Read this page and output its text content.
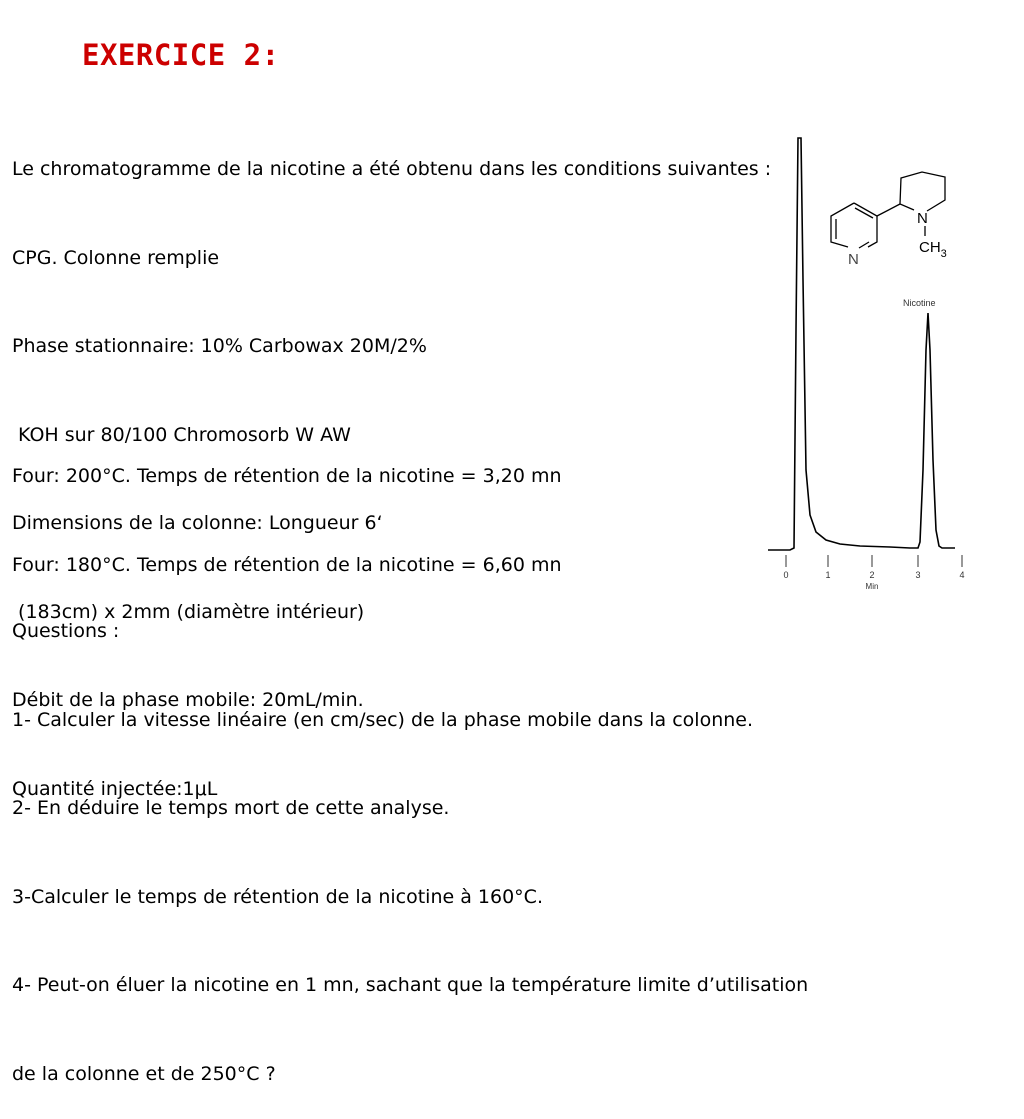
EXERCICE 2:

Le chromatogramme de la nicotine a été obtenu dans les conditions suivantes :

CPG. Colonne remplie

Phase stationnaire: 10% Carbowax 20M/2%

KOH sur 80/100 Chromosorb W AW

Dimensions de la colonne: Longueur 6‘

(183cm) x 2mm (diamètre intérieur)

Débit de la phase mobile: 20mL/min.

Quantité injectée:1μL

Four: 200°C. Temps de rétention de la nicotine = 3,20 mn

Four: 180°C. Temps de rétention de la nicotine = 6,60 mn

Nicotine
0	1	2	3	4
Min
N
N
$CH_3$

Questions :

1- Calculer la vitesse linéaire (en cm/sec) de la phase mobile dans la colonne.

2- En déduire le temps mort de cette analyse.

3-Calculer le temps de rétention de la nicotine à 160°C.

4- Peut-on éluer la nicotine en 1 mn, sachant que la température limite d’utilisation

de la colonne et de 250°C ?
